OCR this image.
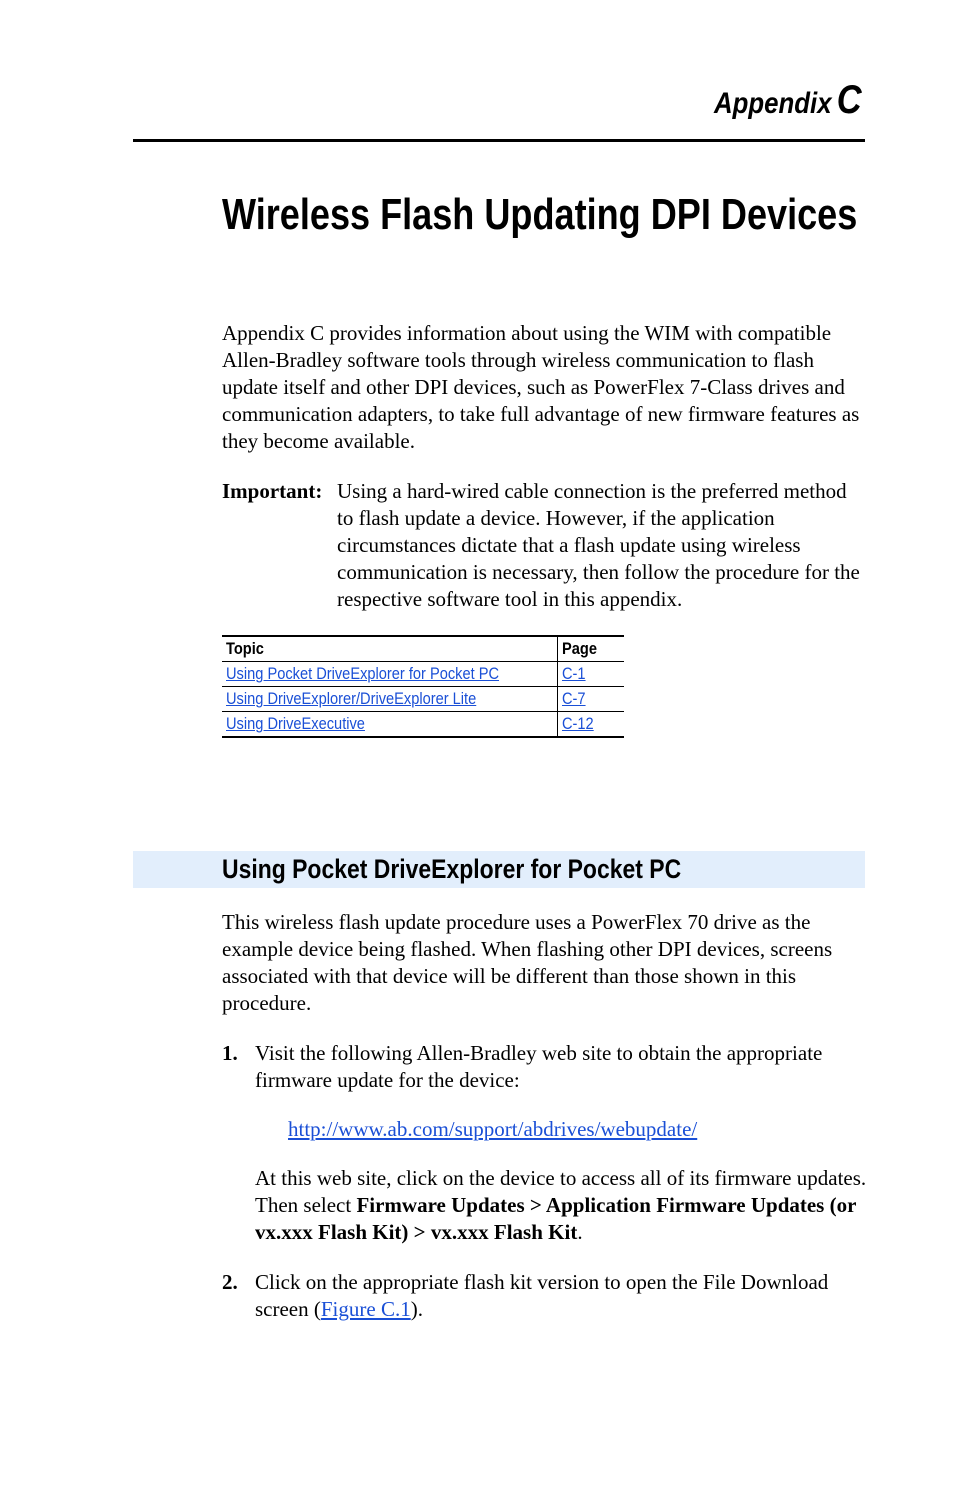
Appendix C
Wireless Flash Updating DPI Devices
Appendix C provides information about using the WIM with compatible Allen-Bradley software tools through wireless communication to flash update itself and other DPI devices, such as PowerFlex 7-Class drives and communication adapters, to take full advantage of new firmware features as they become available.
Important: Using a hard-wired cable connection is the preferred method to flash update a device. However, if the application circumstances dictate that a flash update using wireless communication is necessary, then follow the procedure for the respective software tool in this appendix.
Topic	Page
Using Pocket DriveExplorer for Pocket PC	C-1
Using DriveExplorer/DriveExplorer Lite	C-7
Using DriveExecutive	C-12
Using Pocket DriveExplorer for Pocket PC
This wireless flash update procedure uses a PowerFlex 70 drive as the example device being flashed. When flashing other DPI devices, screens associated with that device will be different than those shown in this procedure.
1. Visit the following Allen-Bradley web site to obtain the appropriate firmware update for the device:
http://www.ab.com/support/abdrives/webupdate/
At this web site, click on the device to access all of its firmware updates. Then select Firmware Updates > Application Firmware Updates (or vx.xxx Flash Kit) > vx.xxx Flash Kit.
2. Click on the appropriate flash kit version to open the File Download screen (Figure C.1).
